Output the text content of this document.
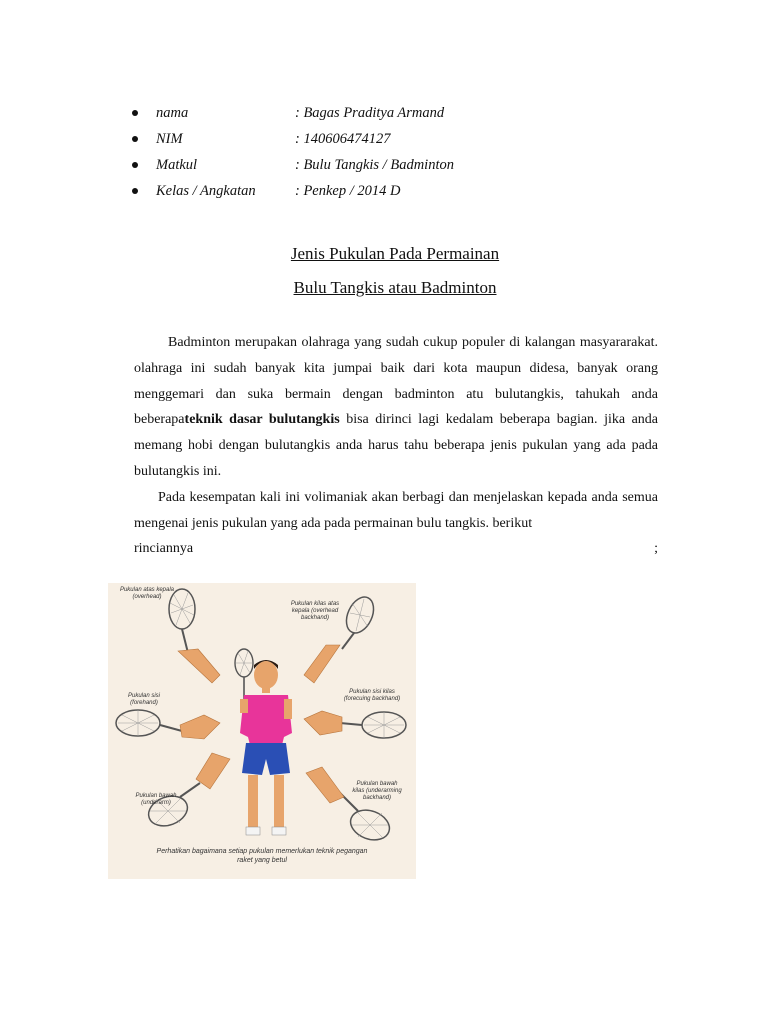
nama	: Bagas Praditya Armand
NIM	: 140606474127
Matkul	: Bulu Tangkis / Badminton
Kelas / Angkatan	: Penkep / 2014 D
Jenis Pukulan Pada Permainan
Bulu Tangkis atau Badminton

Badminton merupakan olahraga yang sudah cukup populer di kalangan masyararakat. olahraga ini sudah banyak kita jumpai baik dari kota maupun didesa, banyak orang menggemari dan suka bermain dengan badminton atu bulutangkis, tahukah anda beberapateknik dasar bulutangkis bisa dirinci lagi kedalam beberapa bagian. jika anda memang hobi dengan bulutangkis anda harus tahu beberapa jenis pukulan yang ada pada bulutangkis ini.

Pada kesempatan kali ini volimaniak akan berbagi dan menjelaskan kepada anda semua mengenai jenis pukulan yang ada pada permainan bulu tangkis. berikut

rinciannya	;
Pukulan atas kepala
(overhead)
Pukulan kilas atas
kepala (overhead
backhand)
Pukulan sisi
(forehand)
Pukulan sisi kilas
(forecuing backhand)
Pukulan bawah
(underarm)
Pukulan bawah
kilas (underarming
backhand)
Perhatikan bagaimana setiap pukulan memerlukan teknik pegangan
raket yang betul
